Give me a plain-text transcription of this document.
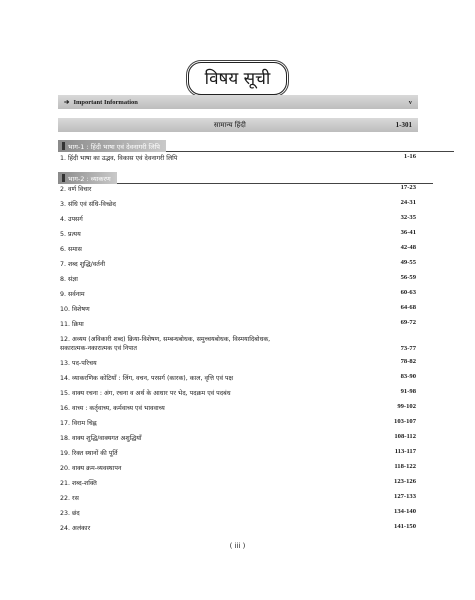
विषय सूची
➔ Important Information	v
सामान्य हिंदी	1-301
भाग-1 : हिंदी भाषा एवं देवनागरी लिपि
1. हिंदी भाषा का उद्भव, विकास एवं देवनागरी लिपि	1-16
भाग-2 : व्याकरण
2. वर्ण विचार	17-23
3. संधि एवं संधि-विच्छेद	24-31
4. उपसर्ग	32-35
5. प्रत्यय	36-41
6. समास	42-48
7. शब्द शुद्धि/वर्तनी	49-55
8. संज्ञा	56-59
9. सर्वनाम	60-63
10. विशेषण	64-68
11. क्रिया	69-72
12. अव्यय (अविकारी शब्द) क्रिया-विशेषण, सम्बन्धबोधक, समुच्चयबोधक, विस्मयादिबोधक,
सकारात्मक-नकारात्मक एवं निपात	73-77
13. पद-परिचय	78-82
14. व्याकरणिक कोटियाँ : लिंग, वचन, परसर्ग (कारक), काल, वृत्ति एवं पक्ष	83-90
15. वाक्य रचना : अंग, रचना व अर्थ के आधार पर भेद, पदक्रम एवं पदबंध	91-98
16. वाच्य : कर्तृवाच्य, कर्मवाच्य एवं भाववाच्य	99-102
17. विराम चिह्न	103-107
18. वाक्य शुद्धि/वाक्यगत अशुद्धियाँ	108-112
19. रिक्त स्थानों की पूर्ति	113-117
20. वाक्य क्रम-व्यवस्थापन	118-122
21. शब्द-शक्ति	123-126
22. रस	127-133
23. छंद	134-140
24. अलंकार	141-150
( iii )
